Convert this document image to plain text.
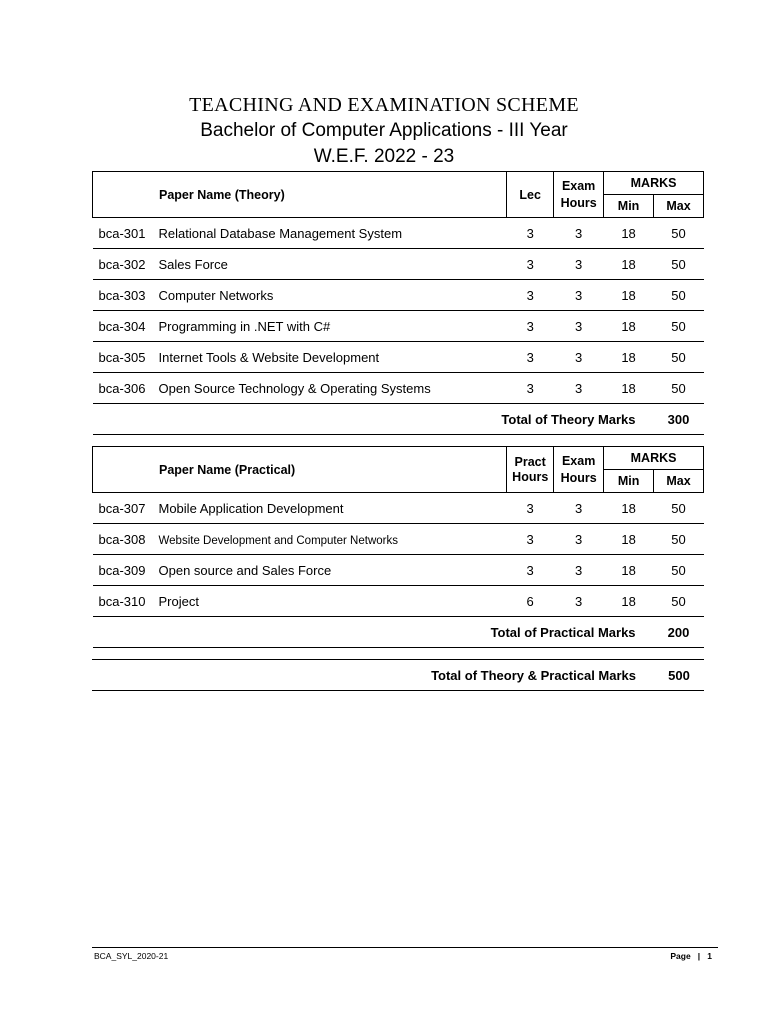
TEACHING AND EXAMINATION SCHEME
Bachelor of Computer Applications - III Year
W.E.F. 2022 - 23
Paper Name (Theory)	Lec	Exam Hours	MARKS	
			Min	Max
bca-301 Relational Database Management System	3	3	18	50
bca-302 Sales Force	3	3	18	50
bca-303 Computer Networks	3	3	18	50
bca-304 Programming in .NET with C#	3	3	18	50
bca-305 Internet Tools & Website Development	3	3	18	50
bca-306 Open Source Technology & Operating Systems	3	3	18	50
Total of Theory Marks				300
Paper Name (Practical)	Pract Hours	Exam Hours	MARKS	
			Min	Max
bca-307 Mobile Application Development	3	3	18	50
bca-308 Website Development and Computer Networks	3	3	18	50
bca-309 Open source and Sales Force	3	3	18	50
bca-310 Project	6	3	18	50
Total of Practical Marks				200
Total of Theory & Practical Marks	500
BCA_SYL_2020-21	Page | 1
